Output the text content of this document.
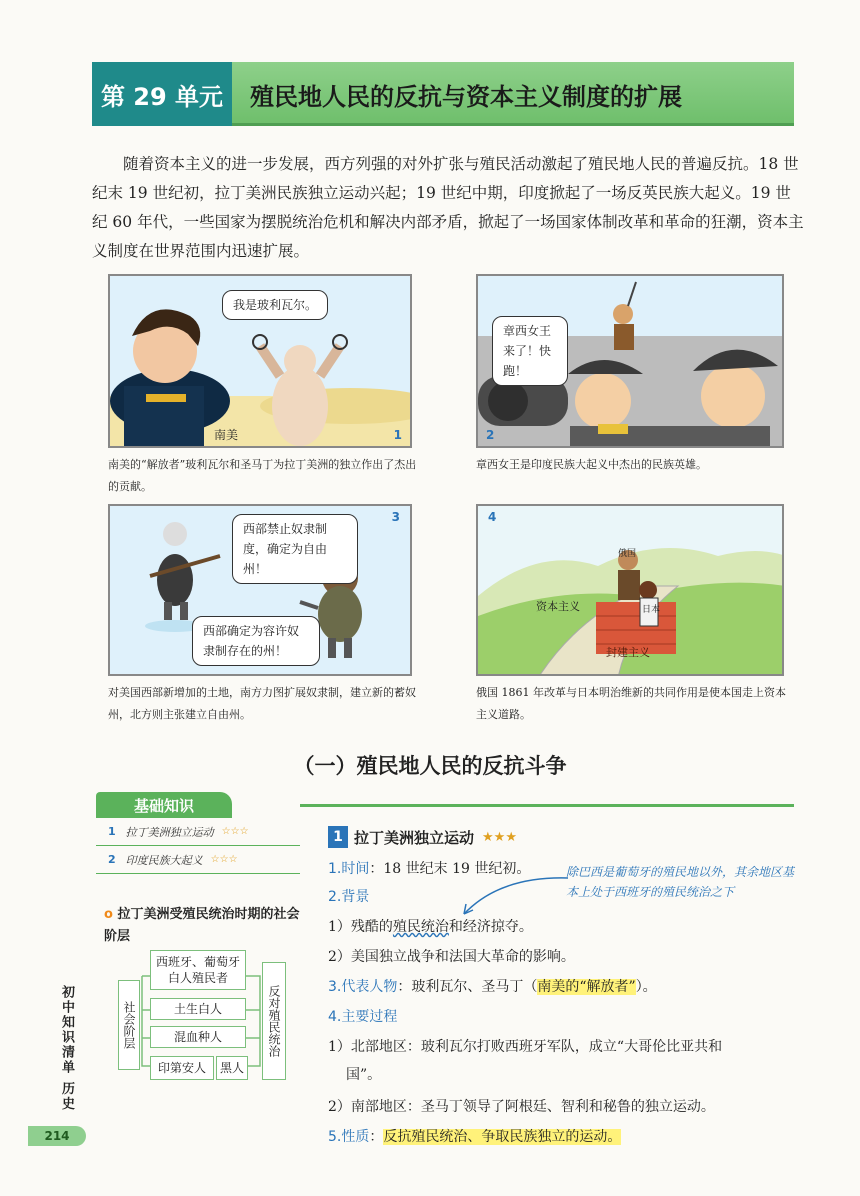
第 29 单元	殖民地人民的反抗与资本主义制度的扩展

随着资本主义的进一步发展，西方列强的对外扩张与殖民活动激起了殖民地人民的普遍反抗。18 世纪末 19 世纪初，拉丁美洲民族独立运动兴起；19 世纪中期，印度掀起了一场反英民族大起义。19 世纪 60 年代，一些国家为摆脱统治危机和解决内部矛盾，掀起了一场国家体制改革和革命的狂潮，资本主义制度在世界范围内迅速扩展。

我是玻利瓦尔。
南美	1
南美的“解放者”玻利瓦尔和圣马丁为拉丁美洲的独立作出了杰出的贡献。
章西女王来了！快跑！
2
章西女王是印度民族大起义中杰出的民族英雄。
西部禁止奴隶制度，确定为自由州！
西部确定为容许奴隶制存在的州！
3
对美国西部新增加的土地，南方力图扩展奴隶制，建立新的蓄奴州，北方则主张建立自由州。
资本主义
封建主义
俄国
日本
4
俄国 1861 年改革与日本明治维新的共同作用是使本国走上资本主义道路。
（一）殖民地人民的反抗斗争
基础知识
1 拉丁美洲独立运动 ☆☆☆
2 印度民族大起义 ☆☆☆
o 拉丁美洲受殖民统治时期的社会阶层
社会阶层
西班牙、葡萄牙白人殖民者
土生白人
混血种人
印第安人	黑人
反对殖民统治
初中知识清单 历史
214
1 拉丁美洲独立运动 ★★★
1.时间：18 世纪末 19 世纪初。
2.背景
1）残酷的殖民统治和经济掠夺。
2）美国独立战争和法国大革命的影响。
3.代表人物：玻利瓦尔、圣马丁（南美的“解放者”）。
4.主要过程
1）北部地区：玻利瓦尔打败西班牙军队，成立“大哥伦比亚共和
国”。
2）南部地区：圣马丁领导了阿根廷、智利和秘鲁的独立运动。
5.性质：反抗殖民统治、争取民族独立的运动。
除巴西是葡萄牙的殖民地以外，其余地区基本上处于西班牙的殖民统治之下
